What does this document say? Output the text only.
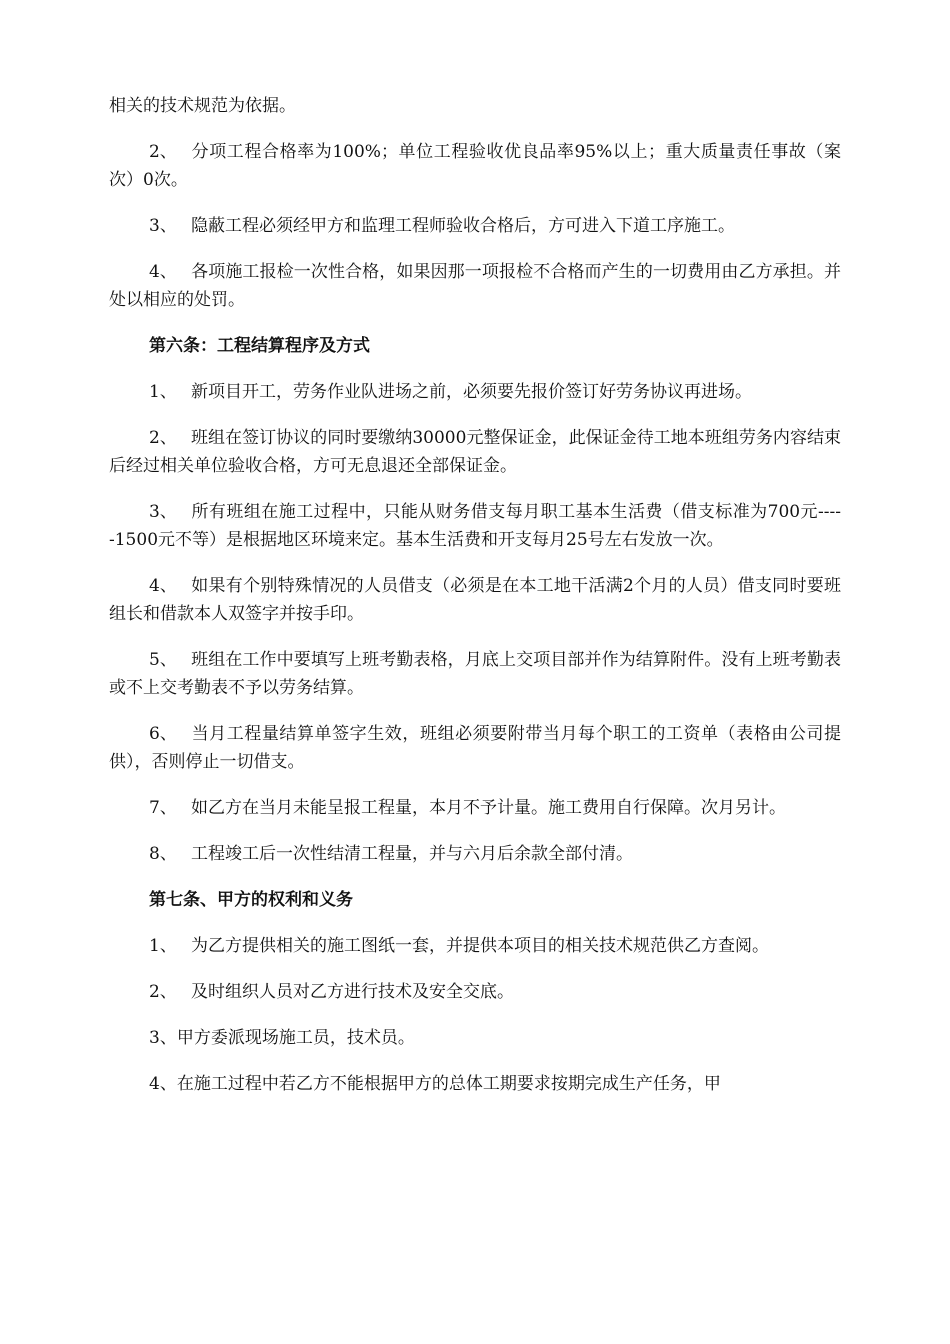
相关的技术规范为依据。

2、 分项工程合格率为100%；单位工程验收优良品率95%以上；重大质量责任事故（案次）0次。

3、 隐蔽工程必须经甲方和监理工程师验收合格后，方可进入下道工序施工。

4、 各项施工报检一次性合格，如果因那一项报检不合格而产生的一切费用由乙方承担。并处以相应的处罚。

第六条：工程结算程序及方式

1、 新项目开工，劳务作业队进场之前，必须要先报价签订好劳务协议再进场。

2、 班组在签订协议的同时要缴纳30000元整保证金，此保证金待工地本班组劳务内容结束后经过相关单位验收合格，方可无息退还全部保证金。

3、 所有班组在施工过程中，只能从财务借支每月职工基本生活费（借支标准为700元-----1500元不等）是根据地区环境来定。基本生活费和开支每月25号左右发放一次。

4、 如果有个别特殊情况的人员借支（必须是在本工地干活满2个月的人员）借支同时要班组长和借款本人双签字并按手印。

5、 班组在工作中要填写上班考勤表格，月底上交项目部并作为结算附件。没有上班考勤表或不上交考勤表不予以劳务结算。

6、 当月工程量结算单签字生效，班组必须要附带当月每个职工的工资单（表格由公司提供），否则停止一切借支。

7、 如乙方在当月未能呈报工程量，本月不予计量。施工费用自行保障。次月另计。

8、 工程竣工后一次性结清工程量，并与六月后余款全部付清。

第七条、甲方的权利和义务

1、 为乙方提供相关的施工图纸一套，并提供本项目的相关技术规范供乙方查阅。

2、 及时组织人员对乙方进行技术及安全交底。

3、甲方委派现场施工员，技术员。

4、在施工过程中若乙方不能根据甲方的总体工期要求按期完成生产任务，甲
